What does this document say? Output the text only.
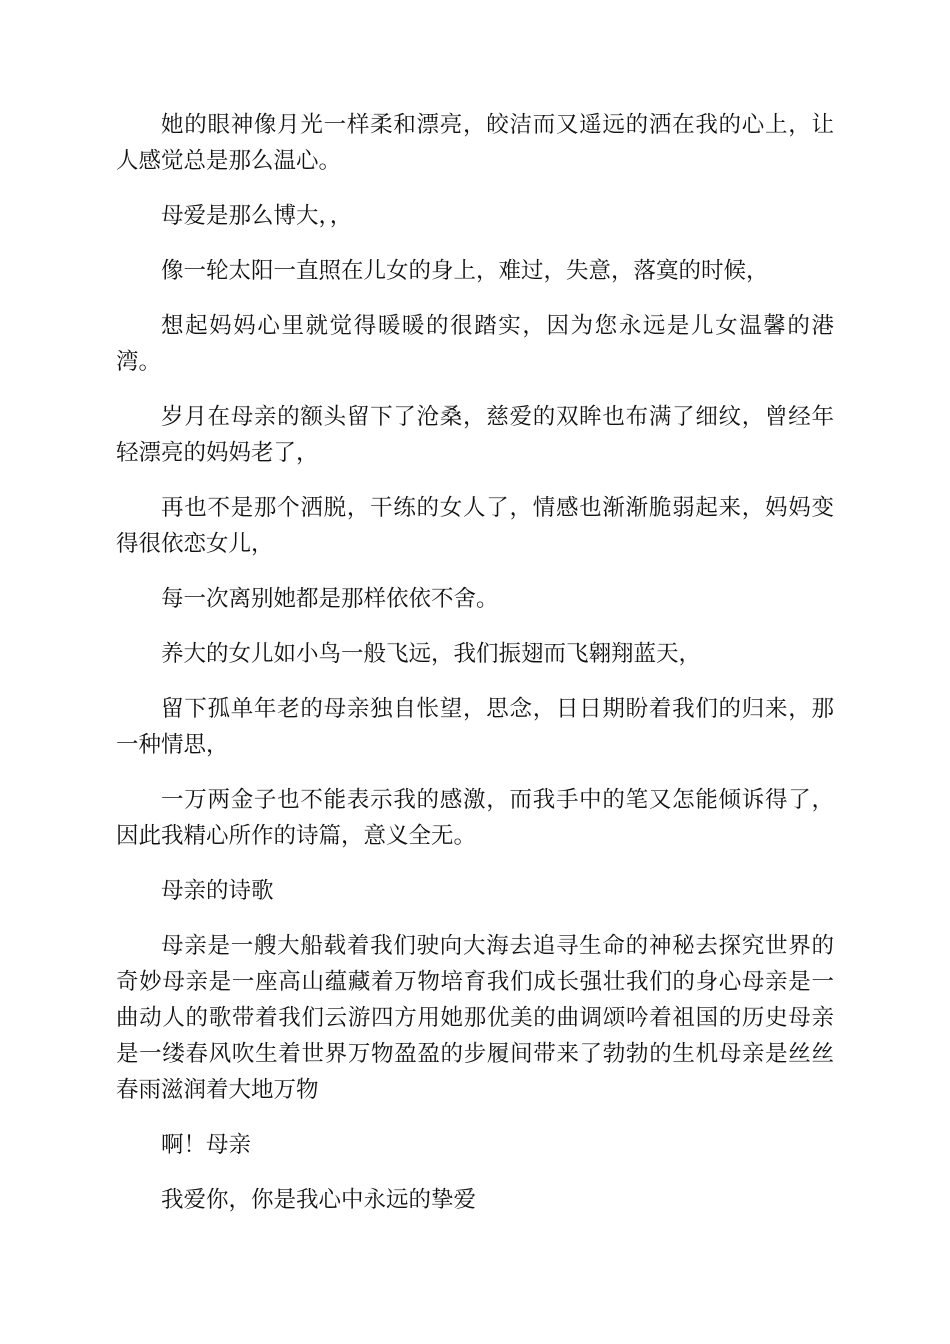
她的眼神像月光一样柔和漂亮，皎洁而又遥远的洒在我的心上，让人感觉总是那么温心。

母爱是那么博大，，

像一轮太阳一直照在儿女的身上，难过，失意，落寞的时候，

想起妈妈心里就觉得暖暖的很踏实，因为您永远是儿女温馨的港湾。

岁月在母亲的额头留下了沧桑，慈爱的双眸也布满了细纹，曾经年轻漂亮的妈妈老了，

再也不是那个洒脱，干练的女人了，情感也渐渐脆弱起来，妈妈变得很依恋女儿，

每一次离别她都是那样依依不舍。

养大的女儿如小鸟一般飞远，我们振翅而飞翱翔蓝天，

留下孤单年老的母亲独自怅望，思念，日日期盼着我们的归来，那一种情思，

一万两金子也不能表示我的感激，而我手中的笔又怎能倾诉得了，因此我精心所作的诗篇，意义全无。

母亲的诗歌

母亲是一艘大船载着我们驶向大海去追寻生命的神秘去探究世界的奇妙母亲是一座高山蕴藏着万物培育我们成长强壮我们的身心母亲是一曲动人的歌带着我们云游四方用她那优美的曲调颂吟着祖国的历史母亲是一缕春风吹生着世界万物盈盈的步履间带来了勃勃的生机母亲是丝丝春雨滋润着大地万物

啊！母亲

我爱你，你是我心中永远的挚爱
